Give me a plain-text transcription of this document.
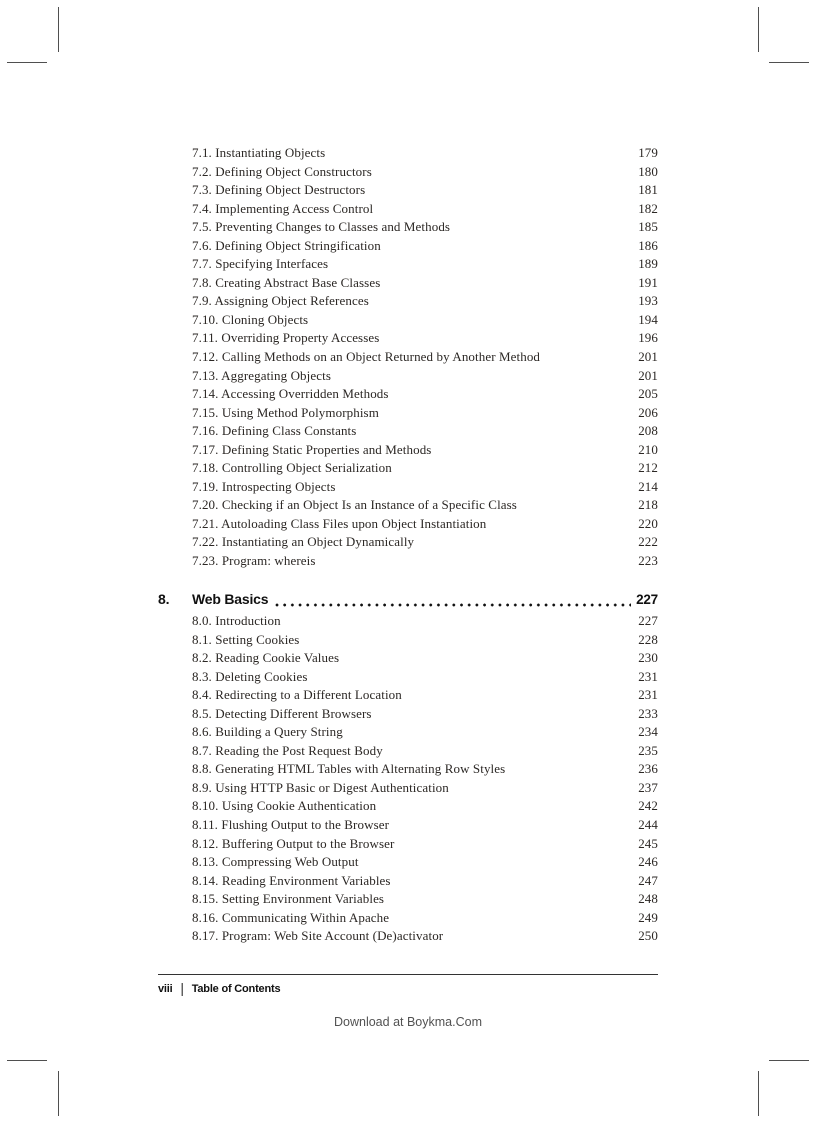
7.1. Instantiating Objects	179
7.2. Defining Object Constructors	180
7.3. Defining Object Destructors	181
7.4. Implementing Access Control	182
7.5. Preventing Changes to Classes and Methods	185
7.6. Defining Object Stringification	186
7.7. Specifying Interfaces	189
7.8. Creating Abstract Base Classes	191
7.9. Assigning Object References	193
7.10. Cloning Objects	194
7.11. Overriding Property Accesses	196
7.12. Calling Methods on an Object Returned by Another Method	201
7.13. Aggregating Objects	201
7.14. Accessing Overridden Methods	205
7.15. Using Method Polymorphism	206
7.16. Defining Class Constants	208
7.17. Defining Static Properties and Methods	210
7.18. Controlling Object Serialization	212
7.19. Introspecting Objects	214
7.20. Checking if an Object Is an Instance of a Specific Class	218
7.21. Autoloading Class Files upon Object Instantiation	220
7.22. Instantiating an Object Dynamically	222
7.23. Program: whereis	223
8. Web Basics	227
8.0. Introduction	227
8.1. Setting Cookies	228
8.2. Reading Cookie Values	230
8.3. Deleting Cookies	231
8.4. Redirecting to a Different Location	231
8.5. Detecting Different Browsers	233
8.6. Building a Query String	234
8.7. Reading the Post Request Body	235
8.8. Generating HTML Tables with Alternating Row Styles	236
8.9. Using HTTP Basic or Digest Authentication	237
8.10. Using Cookie Authentication	242
8.11. Flushing Output to the Browser	244
8.12. Buffering Output to the Browser	245
8.13. Compressing Web Output	246
8.14. Reading Environment Variables	247
8.15. Setting Environment Variables	248
8.16. Communicating Within Apache	249
8.17. Program: Web Site Account (De)activator	250
viii | Table of Contents
Download at Boykma.Com
